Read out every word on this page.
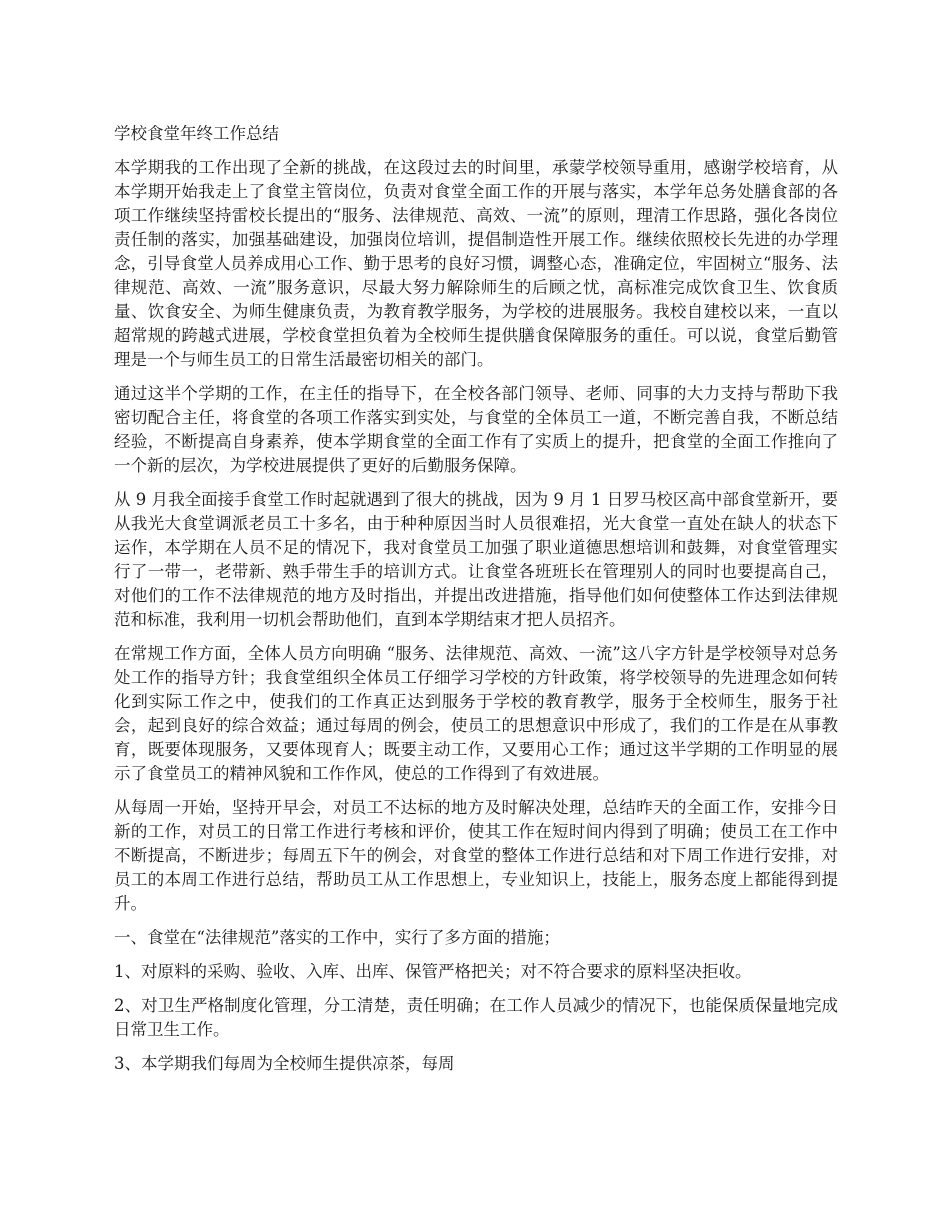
学校食堂年终工作总结

本学期我的工作出现了全新的挑战，在这段过去的时间里，承蒙学校领导重用，感谢学校培育，从本学期开始我走上了食堂主管岗位，负责对食堂全面工作的开展与落实，本学年总务处膳食部的各项工作继续坚持雷校长提出的“服务、法律规范、高效、一流”的原则，理清工作思路，强化各岗位责任制的落实，加强基础建设，加强岗位培训，提倡制造性开展工作。继续依照校长先进的办学理念，引导食堂人员养成用心工作、勤于思考的良好习惯，调整心态，准确定位，牢固树立“服务、法律规范、高效、一流”服务意识，尽最大努力解除师生的后顾之忧，高标准完成饮食卫生、饮食质量、饮食安全、为师生健康负责，为教育教学服务，为学校的进展服务。我校自建校以来，一直以超常规的跨越式进展，学校食堂担负着为全校师生提供膳食保障服务的重任。可以说，食堂后勤管理是一个与师生员工的日常生活最密切相关的部门。

通过这半个学期的工作，在主任的指导下，在全校各部门领导、老师、同事的大力支持与帮助下我密切配合主任，将食堂的各项工作落实到实处，与食堂的全体员工一道，不断完善自我，不断总结经验，不断提高自身素养，使本学期食堂的全面工作有了实质上的提升，把食堂的全面工作推向了一个新的层次，为学校进展提供了更好的后勤服务保障。

从 9 月我全面接手食堂工作时起就遇到了很大的挑战，因为 9 月 1 日罗马校区高中部食堂新开，要从我光大食堂调派老员工十多名，由于种种原因当时人员很难招，光大食堂一直处在缺人的状态下运作，本学期在人员不足的情况下，我对食堂员工加强了职业道德思想培训和鼓舞，对食堂管理实行了一带一，老带新、熟手带生手的培训方式。让食堂各班班长在管理别人的同时也要提高自己，对他们的工作不法律规范的地方及时指出，并提出改进措施，指导他们如何使整体工作达到法律规范和标准，我利用一切机会帮助他们，直到本学期结束才把人员招齐。

在常规工作方面，全体人员方向明确 “服务、法律规范、高效、一流”这八字方针是学校领导对总务处工作的指导方针；我食堂组织全体员工仔细学习学校的方针政策，将学校领导的先进理念如何转化到实际工作之中，使我们的工作真正达到服务于学校的教育教学，服务于全校师生，服务于社会，起到良好的综合效益；通过每周的例会，使员工的思想意识中形成了，我们的工作是在从事教育，既要体现服务，又要体现育人；既要主动工作，又要用心工作；通过这半学期的工作明显的展示了食堂员工的精神风貌和工作作风，使总的工作得到了有效进展。

从每周一开始，坚持开早会，对员工不达标的地方及时解决处理，总结昨天的全面工作，安排今日新的工作，对员工的日常工作进行考核和评价，使其工作在短时间内得到了明确；使员工在工作中不断提高，不断进步；每周五下午的例会，对食堂的整体工作进行总结和对下周工作进行安排，对员工的本周工作进行总结，帮助员工从工作思想上，专业知识上，技能上，服务态度上都能得到提升。

一、食堂在“法律规范”落实的工作中，实行了多方面的措施；

1、对原料的采购、验收、入库、出库、保管严格把关；对不符合要求的原料坚决拒收。

2、对卫生严格制度化管理，分工清楚，责任明确；在工作人员减少的情况下，也能保质保量地完成日常卫生工作。

3、本学期我们每周为全校师生提供凉茶，每周
